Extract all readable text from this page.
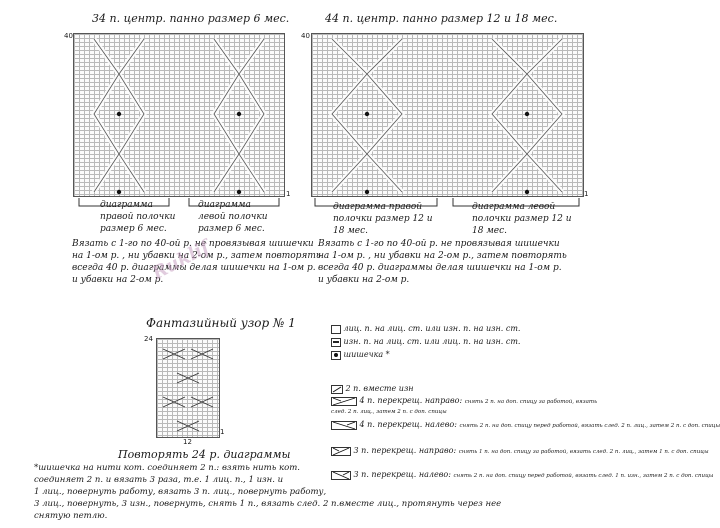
34 п. центр. панно размер 6 мес.
40
1
диаграмма
правой полочки
размер 6 мес.
диаграмма
левой полочки
размер 6 мес.
Вязать с 1-го по 40-ой р. не провязывая шишечки
на 1-ом р. , ни убавки на 2-ом р., затем повторять
всегда 40 р. диаграммы делая шишечки на 1-ом р.
и убавки на 2-ом р.
44 п. центр. панно размер 12 и 18 мес.
40
1
диаграмма правой
полочки размер 12 и
18 мес.
диаграмма левой
полочки размер 12 и
18 мес.
Вязать с 1-го по 40-ой р. не провязывая шишечки
на 1-ом р. , ни убавки на 2-ом р., затем повторять
всегда 40 р. диаграммы делая шишечки на 1-ом р.
и убавки на 2-ом р.
Ruklif
Фантазийный узор № 1
24
1
12
Повторять 24 р. диаграммы
лиц. п. на лиц. ст. или изн. п. на изн. ст.
изн. п. на лиц. ст. или лиц. п. на изн. ст.
шишечка *
2 п. вместе изн
4 п. перекрещ. направо: снять 2 п. на доп. спицу за работой, вязать след. 2 п. лиц., затем 2 п. с доп. спицы
4 п. перекрещ. налево: снять 2 п. на доп. спицу перед работой, вязать след. 2 п. лиц., затем 2 п. с доп. спицы
3 п. перекрещ. направо: снять 1 п. на доп. спицу за работой, вязать след. 2 п. лиц., затем 1 п. с доп. спицы
3 п. перекрещ. налево: снять 2 п. на доп. спицу перед работой, вязать след. 1 п. изн., затем 2 п. с доп. спицы
*шишечка на нити кот. соединяет 2 п.: взять нить кот.
соединяет 2 п. и вязать 3 раза, т.е. 1 лиц. п., 1 изн. и
1 лиц., повернуть работу, вязать 3 п. лиц., повернуть работу,
3 лиц., повернуть, 3 изн., повернуть, снять 1 п., вязать след. 2 п.вместе лиц., протянуть через нее
снятую петлю.
